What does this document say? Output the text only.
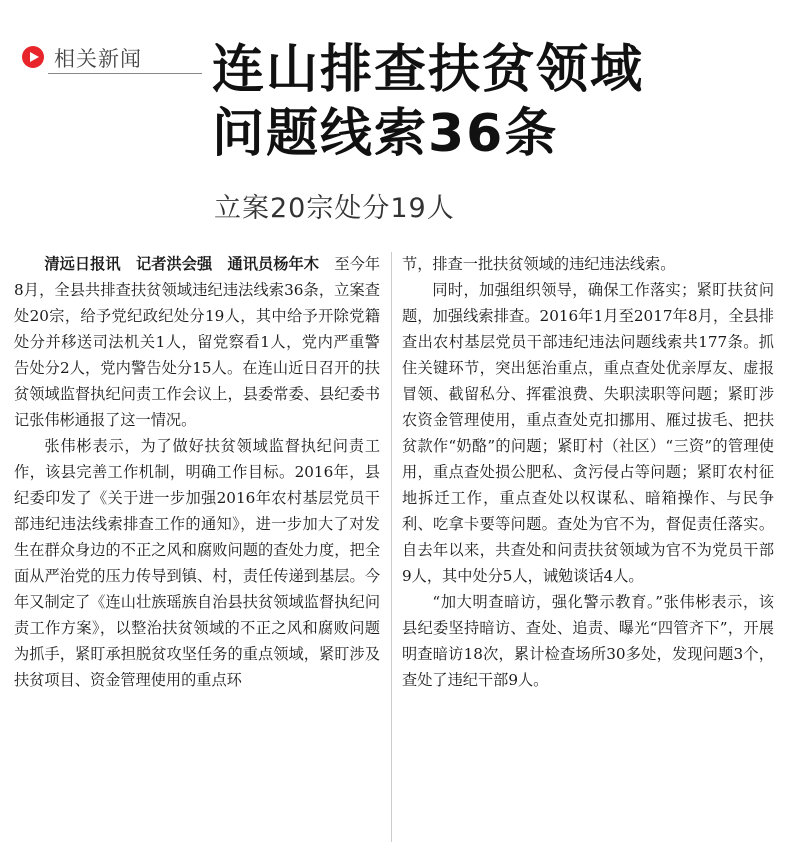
相关新闻 连山排查扶贫领域
问题线索36条
立案20宗处分19人

清远日报讯　记者洪会强　通讯员杨年木　 至今年8月，全县共排查扶贫领域违纪违法线索36条，立案查处20宗，给予党纪政纪处分19人，其中给予开除党籍处分并移送司法机关1人，留党察看1人，党内严重警告处分2人，党内警告处分15人。在连山近日召开的扶贫领域监督执纪问责工作会议上，县委常委、县纪委书记张伟彬通报了这一情况。

张伟彬表示，为了做好扶贫领域监督执纪问责工作，该县完善工作机制，明确工作目标。2016年，县纪委印发了《关于进一步加强2016年农村基层党员干部违纪违法线索排查工作的通知》，进一步加大了对发生在群众身边的不正之风和腐败问题的查处力度，把全面从严治党的压力传导到镇、村，责任传递到基层。今年又制定了《连山壮族瑶族自治县扶贫领域监督执纪问责工作方案》，以整治扶贫领域的不正之风和腐败问题为抓手，紧盯承担脱贫攻坚任务的重点领域，紧盯涉及扶贫项目、资金管理使用的重点环

节，排查一批扶贫领域的违纪违法线索。

同时，加强组织领导，确保工作落实；紧盯扶贫问题，加强线索排查。2016年1月至2017年8月，全县排查出农村基层党员干部违纪违法问题线索共177条。抓住关键环节，突出惩治重点，重点查处优亲厚友、虚报冒领、截留私分、挥霍浪费、失职渎职等问题；紧盯涉农资金管理使用，重点查处克扣挪用、雁过拔毛、把扶贫款作“奶酪”的问题；紧盯村（社区）“三资”的管理使用，重点查处损公肥私、贪污侵占等问题；紧盯农村征地拆迁工作，重点查处以权谋私、暗箱操作、与民争利、吃拿卡要等问题。查处为官不为，督促责任落实。自去年以来，共查处和问责扶贫领域为官不为党员干部9人，其中处分5人，诫勉谈话4人。

“加大明查暗访，强化警示教育。”张伟彬表示，该县纪委坚持暗访、查处、追责、曝光“四管齐下”，开展明查暗访18次，累计检查场所30多处，发现问题3个，查处了违纪干部9人。
